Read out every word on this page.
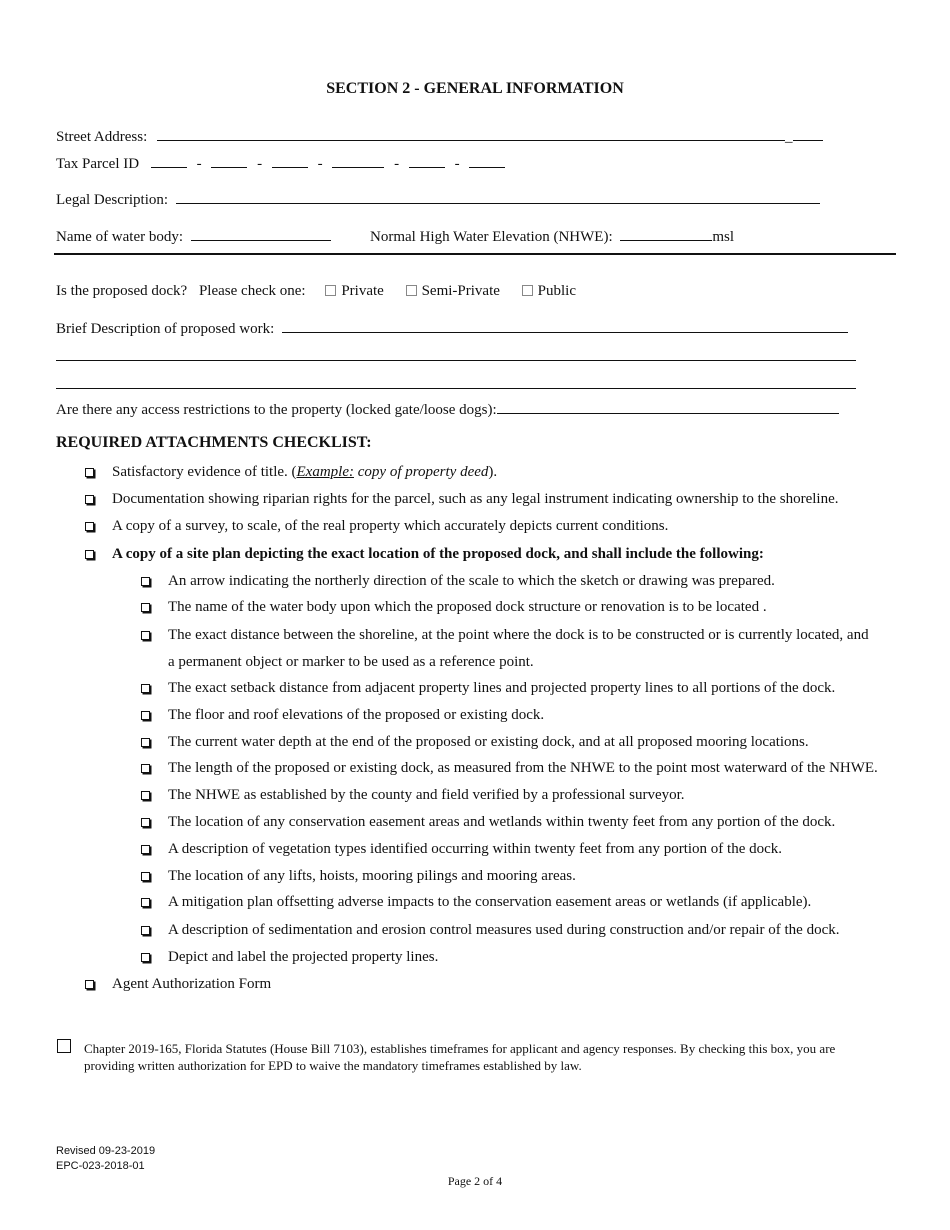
SECTION 2 - GENERAL INFORMATION
Street Address:	_
Tax Parcel ID	-	-	-	-	-
Legal Description:
Name of water body:	Normal High Water Elevation (NHWE):	msl
Is the proposed dock? Please check one: Private	Semi-Private	Public
Brief Description of proposed work:
Are there any access restrictions to the property (locked gate/loose dogs):
REQUIRED ATTACHMENTS CHECKLIST:
Satisfactory evidence of title. (Example: copy of property deed).
Documentation showing riparian rights for the parcel, such as any legal instrument indicating ownership to the shoreline.
A copy of a survey, to scale, of the real property which accurately depicts current conditions.
A copy of a site plan depicting the exact location of the proposed dock, and shall include the following:
An arrow indicating the northerly direction of the scale to which the sketch or drawing was prepared.
The name of the water body upon which the proposed dock structure or renovation is to be located .
The exact distance between the shoreline, at the point where the dock is to be constructed or is currently located, and
a permanent object or marker to be used as a reference point.
The exact setback distance from adjacent property lines and projected property lines to all portions of the dock.
The floor and roof elevations of the proposed or existing dock.
The current water depth at the end of the proposed or existing dock, and at all proposed mooring locations.
The length of the proposed or existing dock, as measured from the NHWE to the point most waterward of the NHWE.
The NHWE as established by the county and field verified by a professional surveyor.
The location of any conservation easement areas and wetlands within twenty feet from any portion of the dock.
A description of vegetation types identified occurring within twenty feet from any portion of the dock.
The location of any lifts, hoists, mooring pilings and mooring areas.
A mitigation plan offsetting adverse impacts to the conservation easement areas or wetlands (if applicable).
A description of sedimentation and erosion control measures used during construction and/or repair of the dock.
Depict and label the projected property lines.
Agent Authorization Form
Chapter 2019-165, Florida Statutes (House Bill 7103), establishes timeframes for applicant and agency responses. By checking this box, you are
providing written authorization for EPD to waive the mandatory timeframes established by law.
Revised 09-23-2019
EPC-023-2018-01
Page 2 of 4
